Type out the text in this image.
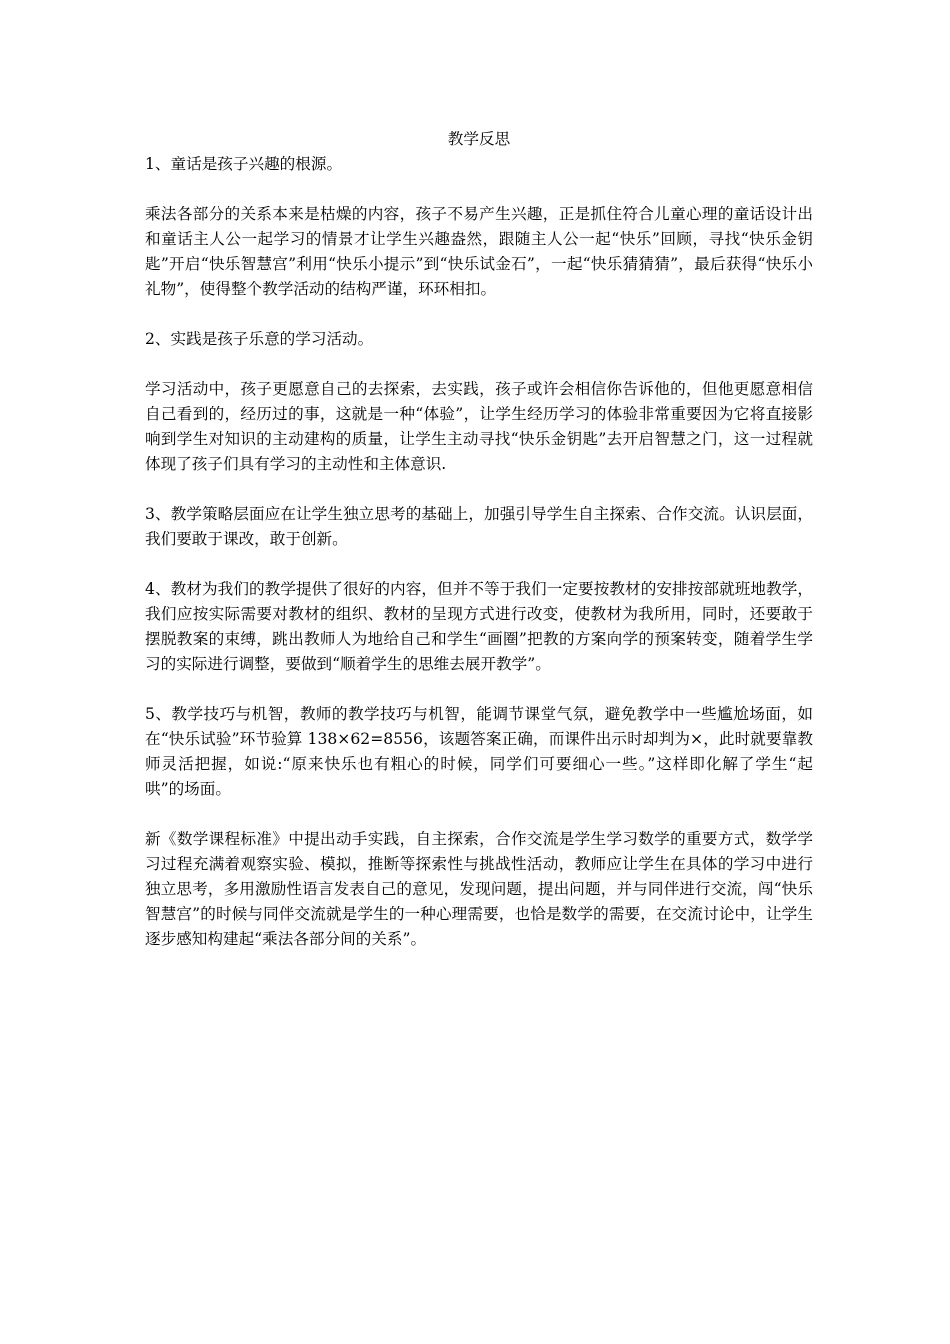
教学反思

1、童话是孩子兴趣的根源。

乘法各部分的关系本来是枯燥的内容，孩子不易产生兴趣，正是抓住符合儿童心理的童话设计出和童话主人公一起学习的情景才让学生兴趣盎然，跟随主人公一起“快乐”回顾，寻找“快乐金钥匙”开启“快乐智慧宫”利用“快乐小提示”到“快乐试金石”，一起“快乐猜猜猜”，最后获得“快乐小礼物”，使得整个教学活动的结构严谨，环环相扣。

2、实践是孩子乐意的学习活动。

学习活动中，孩子更愿意自己的去探索，去实践，孩子或许会相信你告诉他的，但他更愿意相信自己看到的，经历过的事，这就是一种“体验”，让学生经历学习的体验非常重要因为它将直接影响到学生对知识的主动建构的质量，让学生主动寻找“快乐金钥匙”去开启智慧之门，这一过程就体现了孩子们具有学习的主动性和主体意识.

3、教学策略层面应在让学生独立思考的基础上，加强引导学生自主探索、合作交流。认识层面，我们要敢于课改，敢于创新。

4、教材为我们的教学提供了很好的内容，但并不等于我们一定要按教材的安排按部就班地教学，我们应按实际需要对教材的组织、教材的呈现方式进行改变，使教材为我所用，同时，还要敢于摆脱教案的束缚，跳出教师人为地给自己和学生“画圈”把教的方案向学的预案转变，随着学生学习的实际进行调整，要做到“顺着学生的思维去展开教学”。

5、教学技巧与机智，教师的教学技巧与机智，能调节课堂气氛，避免教学中一些尴尬场面，如在“快乐试验”环节验算 138×62=8556，该题答案正确，而课件出示时却判为×，此时就要靠教师灵活把握，如说:“原来快乐也有粗心的时候，同学们可要细心一些。”这样即化解了学生“起哄”的场面。

新《数学课程标准》中提出动手实践，自主探索，合作交流是学生学习数学的重要方式，数学学习过程充满着观察实验、模拟，推断等探索性与挑战性活动，教师应让学生在具体的学习中进行独立思考，多用激励性语言发表自己的意见，发现问题，提出问题，并与同伴进行交流，闯“快乐智慧宫”的时候与同伴交流就是学生的一种心理需要，也恰是数学的需要，在交流讨论中，让学生逐步感知构建起“乘法各部分间的关系”。
